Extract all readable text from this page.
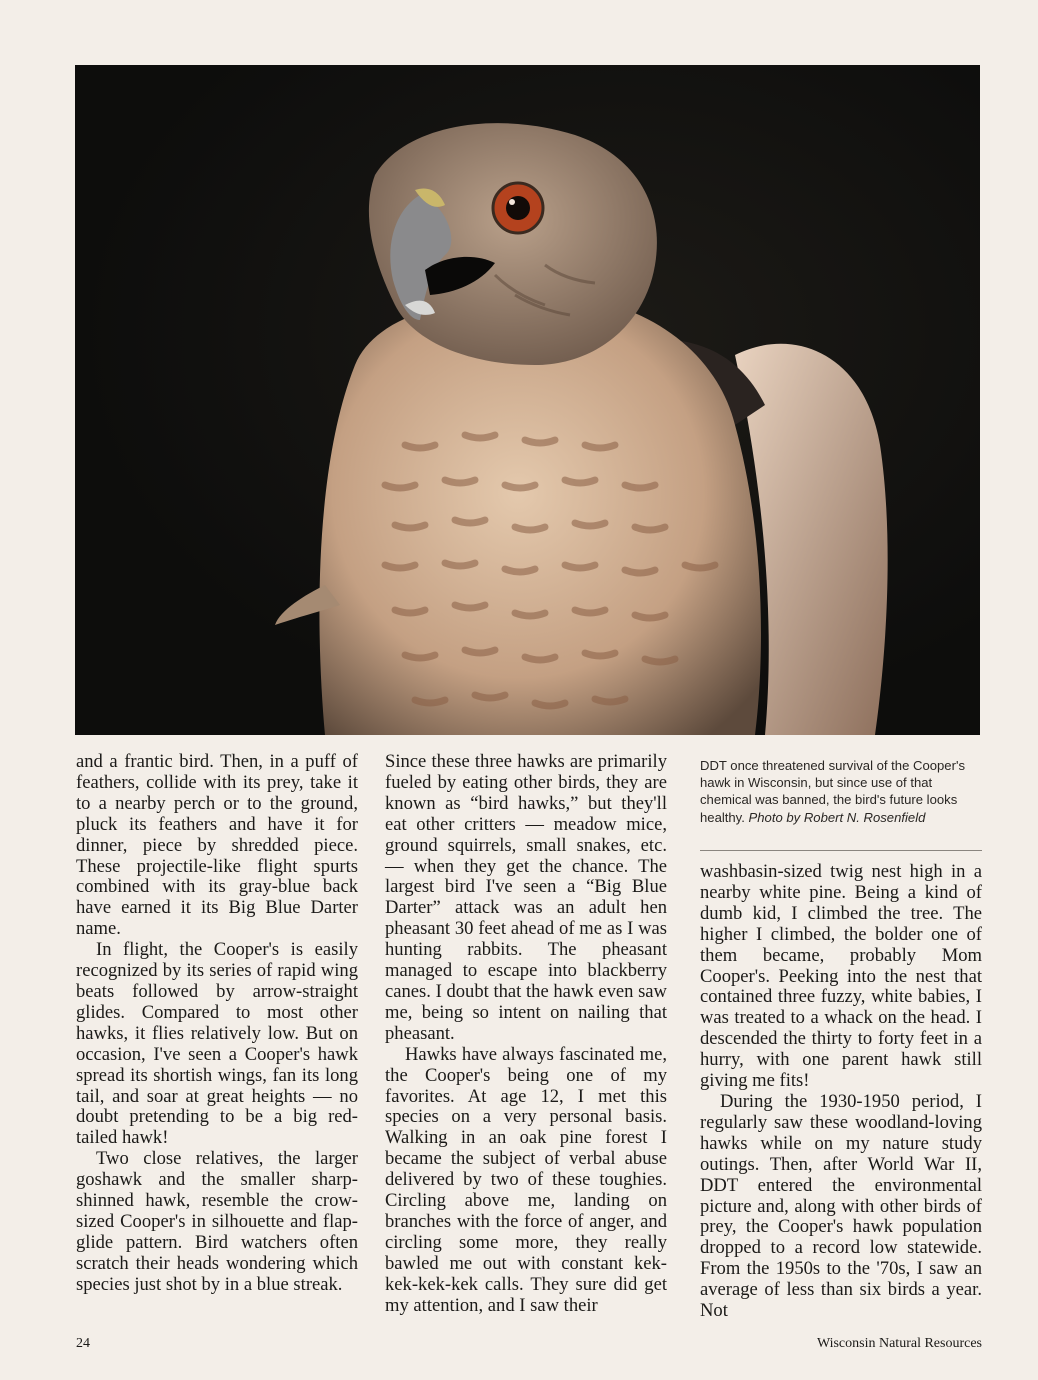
and a frantic bird. Then, in a puff of feathers, collide with its prey, take it to a nearby perch or to the ground, pluck its feathers and have it for dinner, piece by shredded piece. These projectile-like flight spurts combined with its gray-blue back have earned it its Big Blue Darter name.

In flight, the Cooper's is easily recognized by its series of rapid wing beats followed by arrow-straight glides. Compared to most other hawks, it flies relatively low. But on occasion, I've seen a Cooper's hawk spread its shortish wings, fan its long tail, and soar at great heights — no doubt pretending to be a big red-tailed hawk!

Two close relatives, the larger goshawk and the smaller sharp-shinned hawk, resemble the crow-sized Cooper's in silhouette and flap-glide pattern. Bird watchers often scratch their heads wondering which species just shot by in a blue streak.

Since these three hawks are primarily fueled by eating other birds, they are known as “bird hawks,” but they'll eat other critters — meadow mice, ground squirrels, small snakes, etc. — when they get the chance. The largest bird I've seen a “Big Blue Darter” attack was an adult hen pheasant 30 feet ahead of me as I was hunting rabbits. The pheasant managed to escape into blackberry canes. I doubt that the hawk even saw me, being so intent on nailing that pheasant.

Hawks have always fascinated me, the Cooper's being one of my favorites. At age 12, I met this species on a very personal basis. Walking in an oak pine forest I became the subject of verbal abuse delivered by two of these toughies. Circling above me, landing on branches with the force of anger, and circling some more, they really bawled me out with constant kek-kek-kek-kek calls. They sure did get my attention, and I saw their

DDT once threatened survival of the Cooper's hawk in Wisconsin, but since use of that chemical was banned, the bird's future looks healthy. Photo by Robert N. Rosenfield

washbasin-sized twig nest high in a nearby white pine. Being a kind of dumb kid, I climbed the tree. The higher I climbed, the bolder one of them became, probably Mom Cooper's. Peeking into the nest that contained three fuzzy, white babies, I was treated to a whack on the head. I descended the thirty to forty feet in a hurry, with one parent hawk still giving me fits!

During the 1930-1950 period, I regularly saw these woodland-loving hawks while on my nature study outings. Then, after World War II, DDT entered the environmental picture and, along with other birds of prey, the Cooper's hawk population dropped to a record low statewide. From the 1950s to the '70s, I saw an average of less than six birds a year. Not

24	Wisconsin Natural Resources
